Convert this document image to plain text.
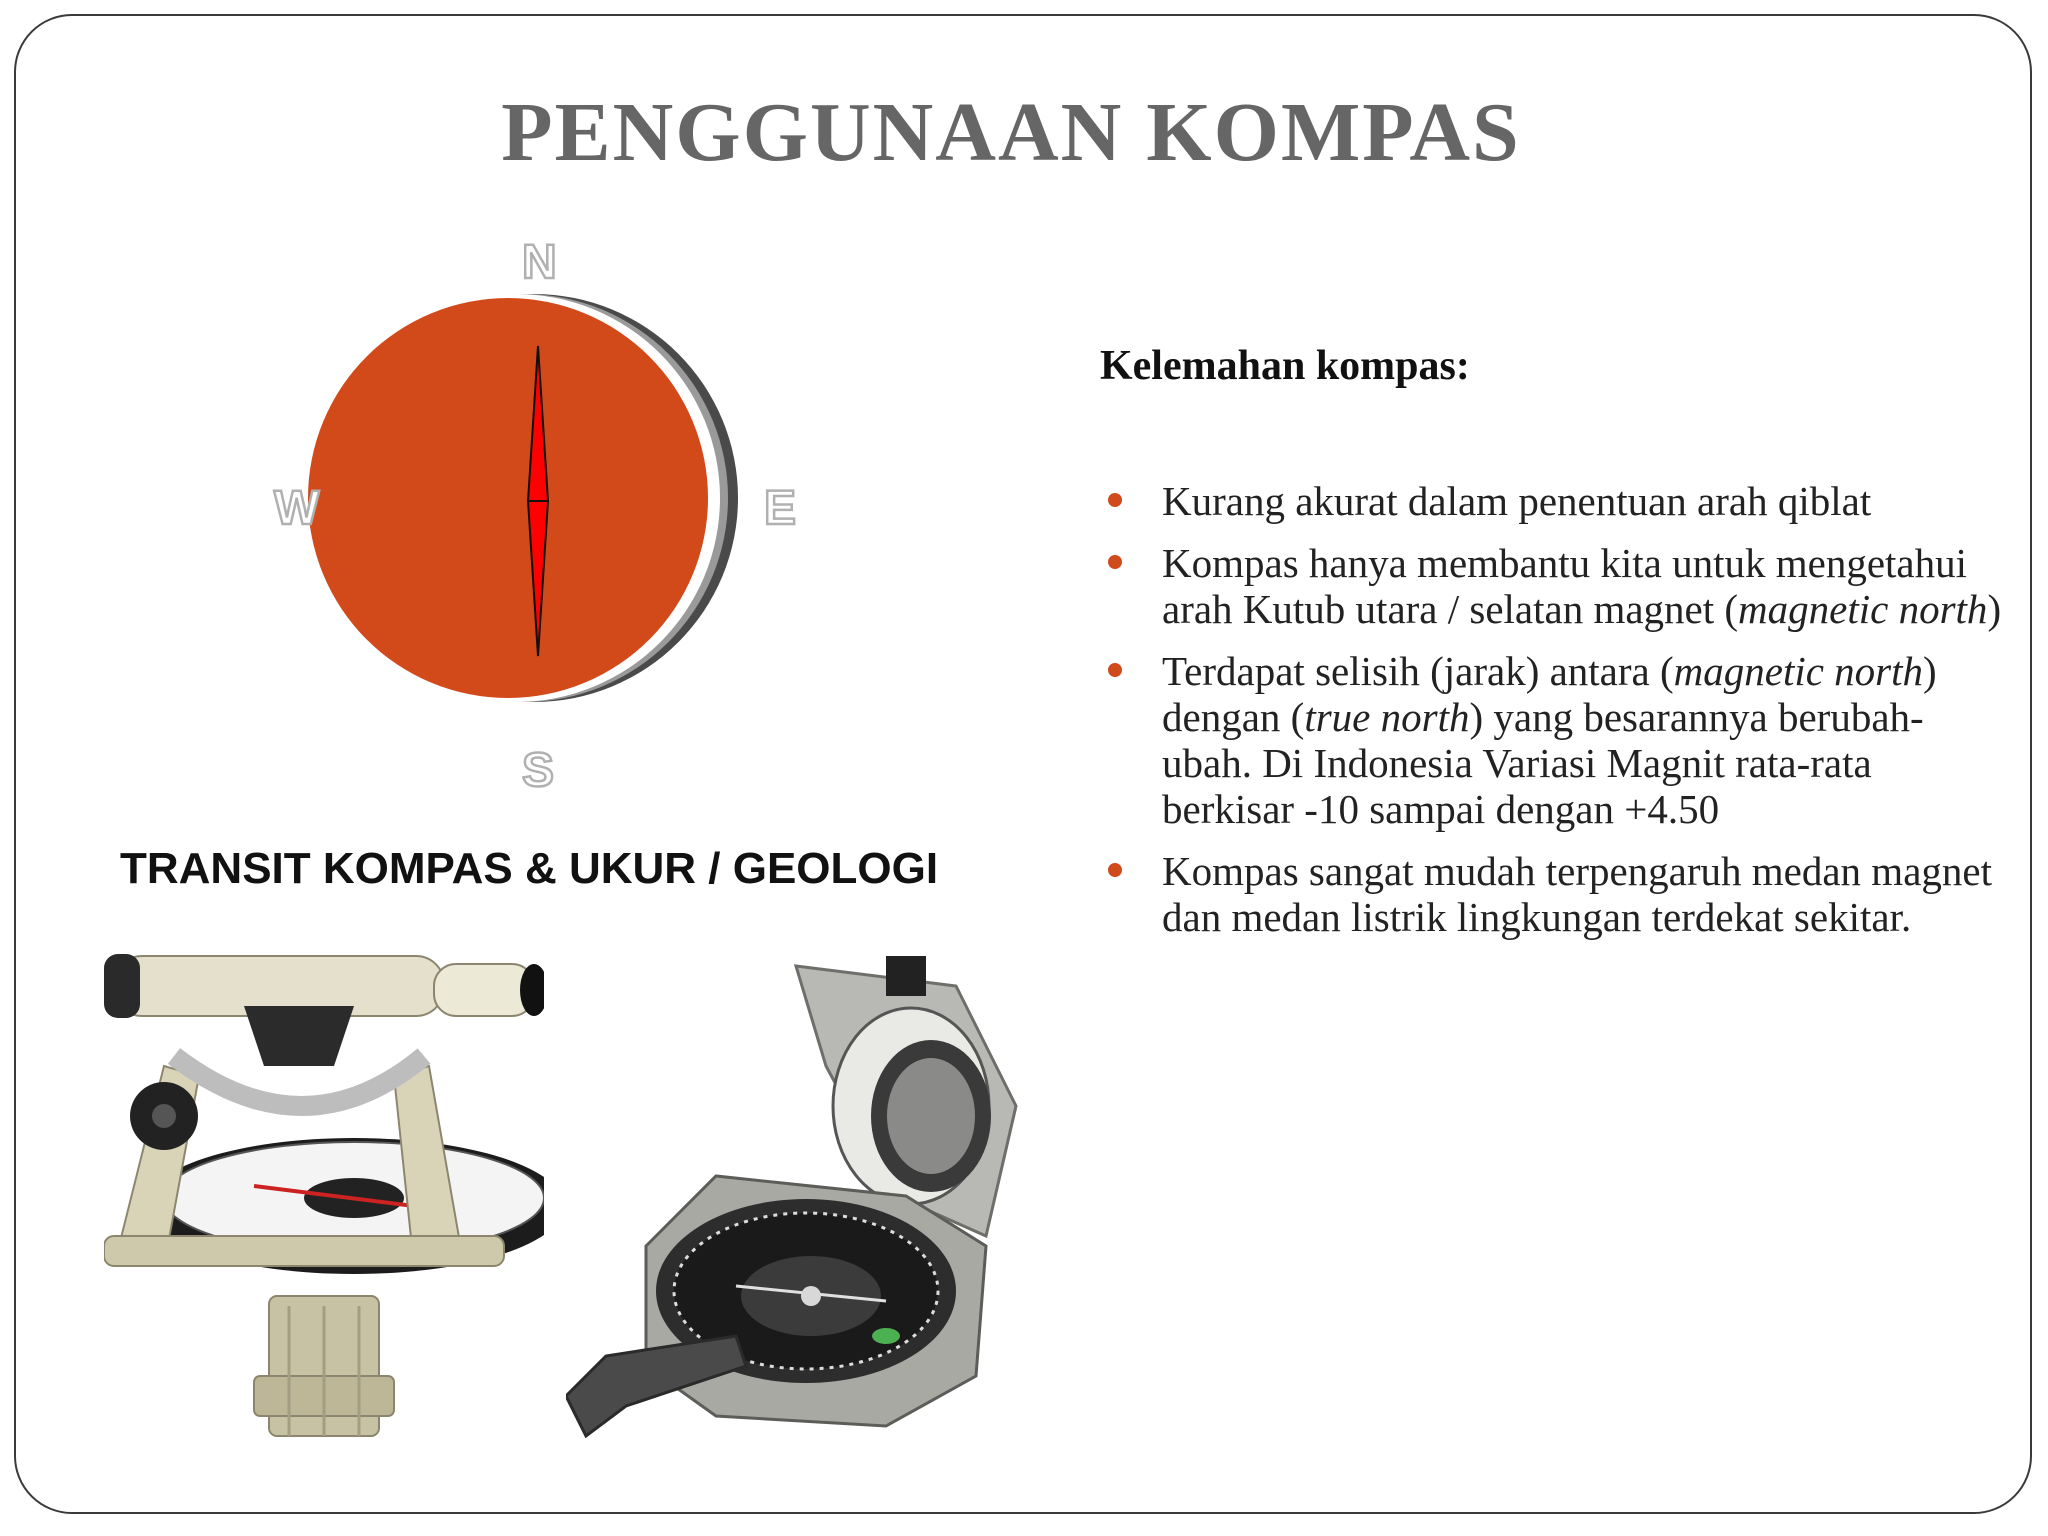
PENGGUNAAN KOMPAS
N
S
E
W
TRANSIT KOMPAS & UKUR / GEOLOGI
Kelemahan kompas:
Kurang akurat dalam penentuan arah qiblat
Kompas hanya membantu kita untuk mengetahui arah Kutub utara / selatan magnet (magnetic north)
Terdapat selisih (jarak) antara (magnetic north) dengan (true north) yang besarannya berubah-ubah. Di Indonesia Variasi Magnit rata-rata berkisar -10 sampai dengan +4.50
Kompas sangat mudah terpengaruh medan magnet dan medan listrik lingkungan terdekat sekitar.
